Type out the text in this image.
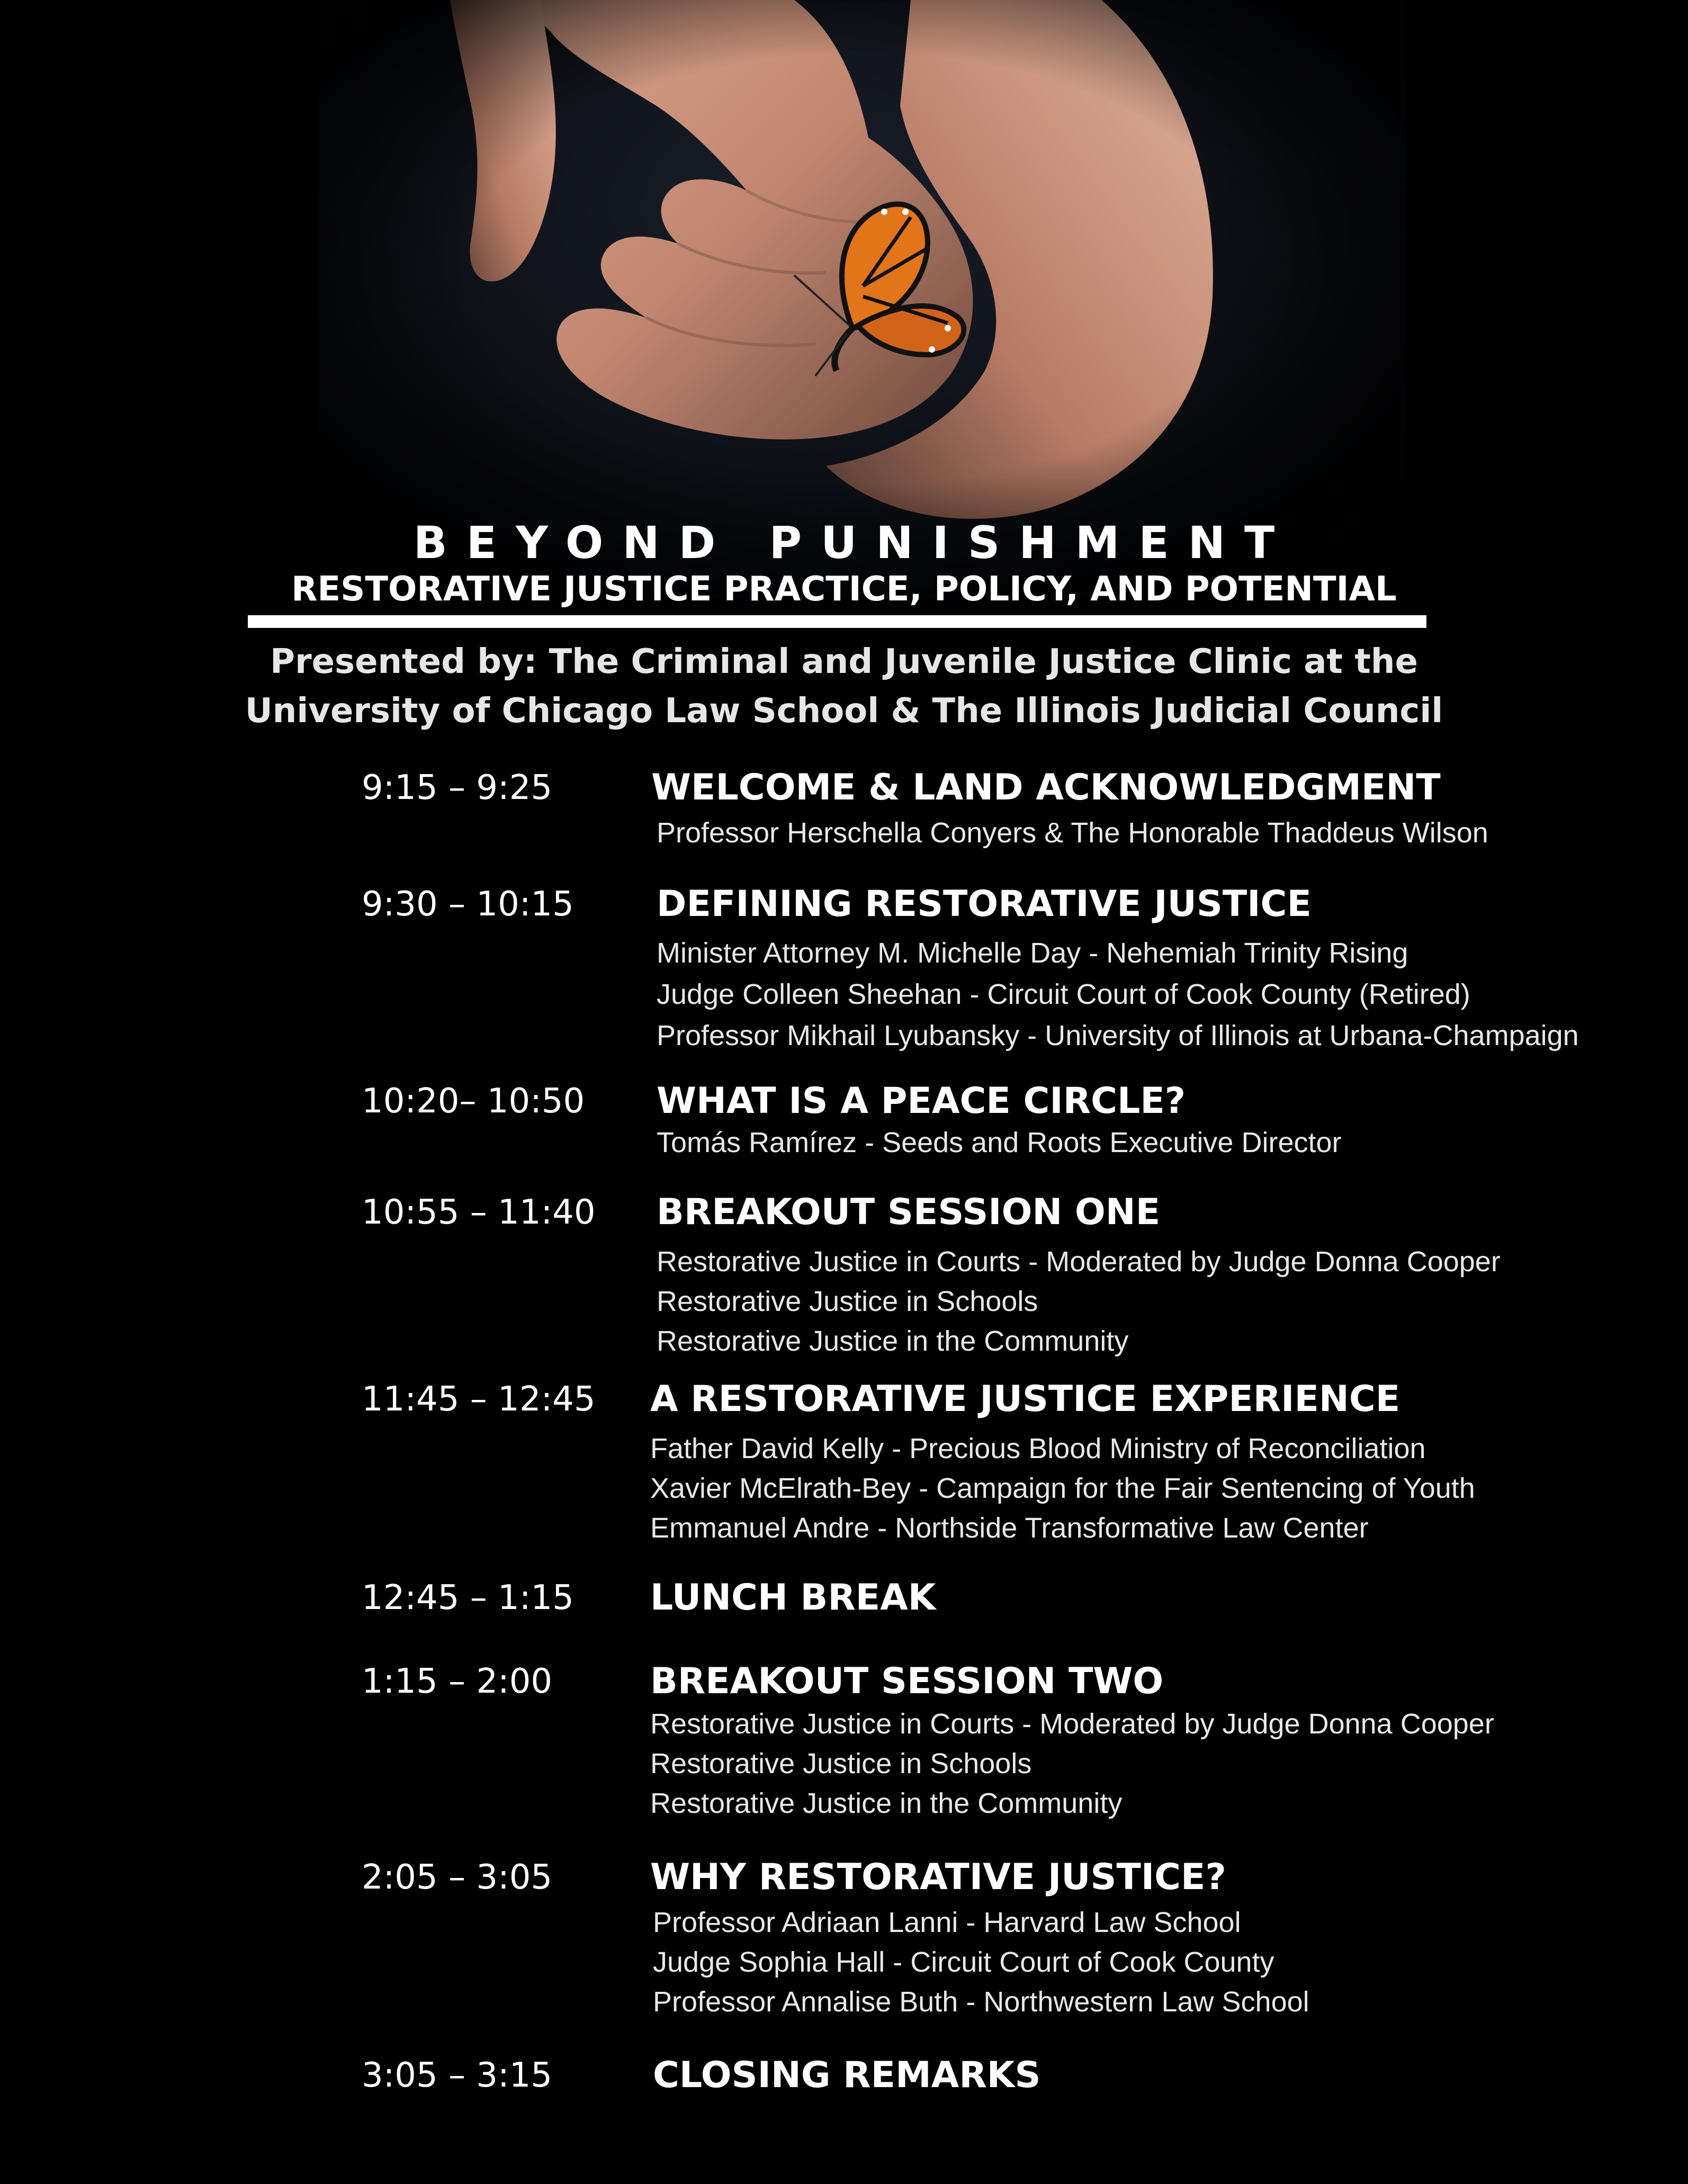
BEYOND PUNISHMENT
RESTORATIVE JUSTICE PRACTICE, POLICY, AND POTENTIAL
Presented by: The Criminal and Juvenile Justice Clinic at the
University of Chicago Law School & The Illinois Judicial Council
9:15 – 9:25	WELCOME & LAND ACKNOWLEDGMENT
Professor Herschella Conyers & The Honorable Thaddeus Wilson
9:30 – 10:15 DEFINING RESTORATIVE JUSTICE
Minister Attorney M. Michelle Day - Nehemiah Trinity Rising
Judge Colleen Sheehan - Circuit Court of Cook County (Retired)
Professor Mikhail Lyubansky - University of Illinois at Urbana-Champaign
10:20– 10:50 WHAT IS A PEACE CIRCLE?
Tomás Ramírez - Seeds and Roots Executive Director
10:55 – 11:40 BREAKOUT SESSION ONE
Restorative Justice in Courts - Moderated by Judge Donna Cooper
Restorative Justice in Schools
Restorative Justice in the Community
11:45 – 12:45 A RESTORATIVE JUSTICE EXPERIENCE
Father David Kelly - Precious Blood Ministry of Reconciliation
Xavier McElrath-Bey - Campaign for the Fair Sentencing of Youth
Emmanuel Andre - Northside Transformative Law Center
12:45 – 1:15 LUNCH BREAK
1:15 – 2:00	BREAKOUT SESSION TWO
Restorative Justice in Courts - Moderated by Judge Donna Cooper
Restorative Justice in Schools
Restorative Justice in the Community
2:05 – 3:05	WHY RESTORATIVE JUSTICE?
Professor Adriaan Lanni - Harvard Law School
Judge Sophia Hall - Circuit Court of Cook County
Professor Annalise Buth - Northwestern Law School
3:05 – 3:15	CLOSING REMARKS
